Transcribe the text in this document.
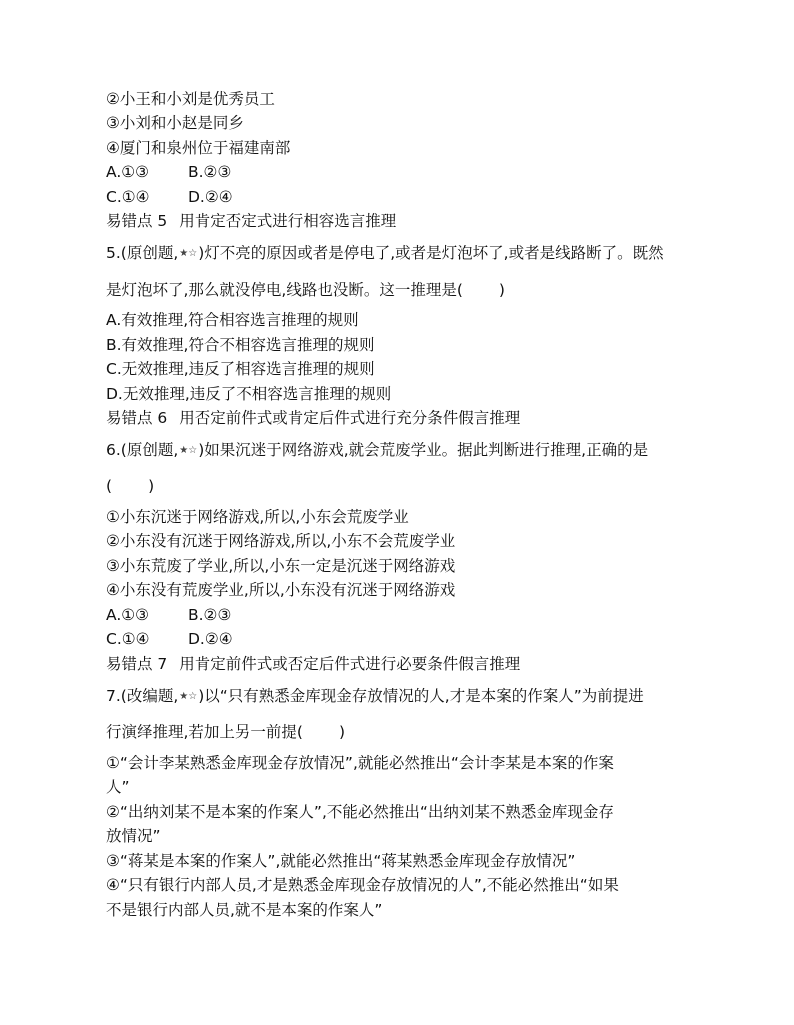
②小王和小刘是优秀员工
③小刘和小赵是同乡
④厦门和泉州位于福建南部
A.①③	B.②③
C.①④ D.②④
易错点 5 用肯定否定式进行相容选言推理
5.(原创题,★☆)灯不亮的原因或者是停电了,或者是灯泡坏了,或者是线路断了。既然
是灯泡坏了,那么就没停电,线路也没断。这一推理是( )
A.有效推理,符合相容选言推理的规则
B.有效推理,符合不相容选言推理的规则
C.无效推理,违反了相容选言推理的规则
D.无效推理,违反了不相容选言推理的规则
易错点 6 用否定前件式或肯定后件式进行充分条件假言推理
6.(原创题,★☆)如果沉迷于网络游戏,就会荒废学业。据此判断进行推理,正确的是
( )
①小东沉迷于网络游戏,所以,小东会荒废学业
②小东没有沉迷于网络游戏,所以,小东不会荒废学业
③小东荒废了学业,所以,小东一定是沉迷于网络游戏
④小东没有荒废学业,所以,小东没有沉迷于网络游戏
A.①③	B.②③
C.①④ D.②④
易错点 7 用肯定前件式或否定后件式进行必要条件假言推理
7.(改编题,★☆)以“只有熟悉金库现金存放情况的人,才是本案的作案人”为前提进
行演绎推理,若加上另一前提( )
①“会计李某熟悉金库现金存放情况”,就能必然推出“会计李某是本案的作案
人”
②“出纳刘某不是本案的作案人”,不能必然推出“出纳刘某不熟悉金库现金存
放情况”
③“蒋某是本案的作案人”,就能必然推出“蒋某熟悉金库现金存放情况”
④“只有银行内部人员,才是熟悉金库现金存放情况的人”,不能必然推出“如果
不是银行内部人员,就不是本案的作案人”
